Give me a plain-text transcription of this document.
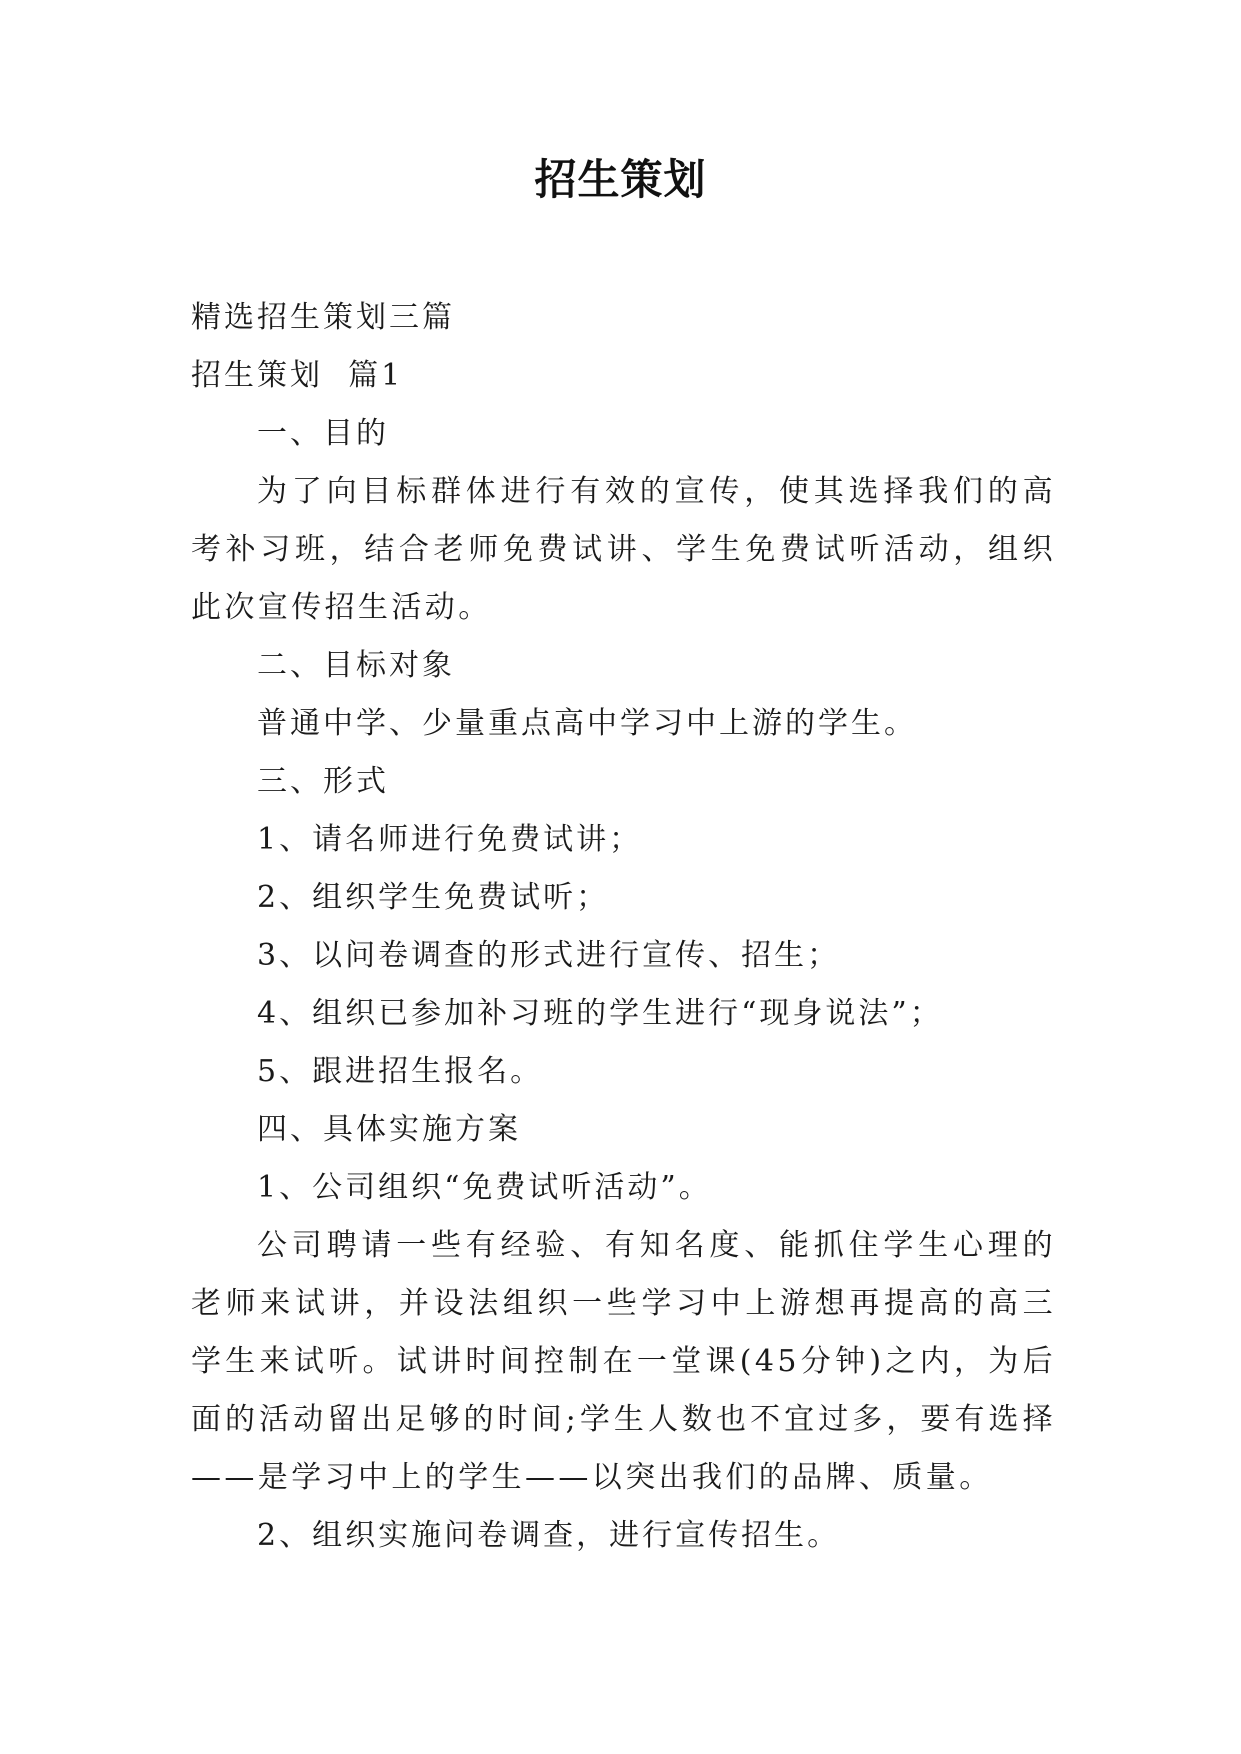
招生策划
精选招生策划三篇
招生策划  篇1
一、目的
为了向目标群体进行有效的宣传，使其选择我们的高考补习班，结合老师免费试讲、学生免费试听活动，组织此次宣传招生活动。
二、目标对象
普通中学、少量重点高中学习中上游的学生。
三、形式
1、请名师进行免费试讲；
2、组织学生免费试听；
3、以问卷调查的形式进行宣传、招生；
4、组织已参加补习班的学生进行“现身说法”；
5、跟进招生报名。
四、具体实施方案
1、公司组织“免费试听活动”。
公司聘请一些有经验、有知名度、能抓住学生心理的老师来试讲，并设法组织一些学习中上游想再提高的高三学生来试听。试讲时间控制在一堂课(45分钟)之内，为后面的活动留出足够的时间;学生人数也不宜过多，要有选择——是学习中上的学生——以突出我们的品牌、质量。
2、组织实施问卷调查，进行宣传招生。
